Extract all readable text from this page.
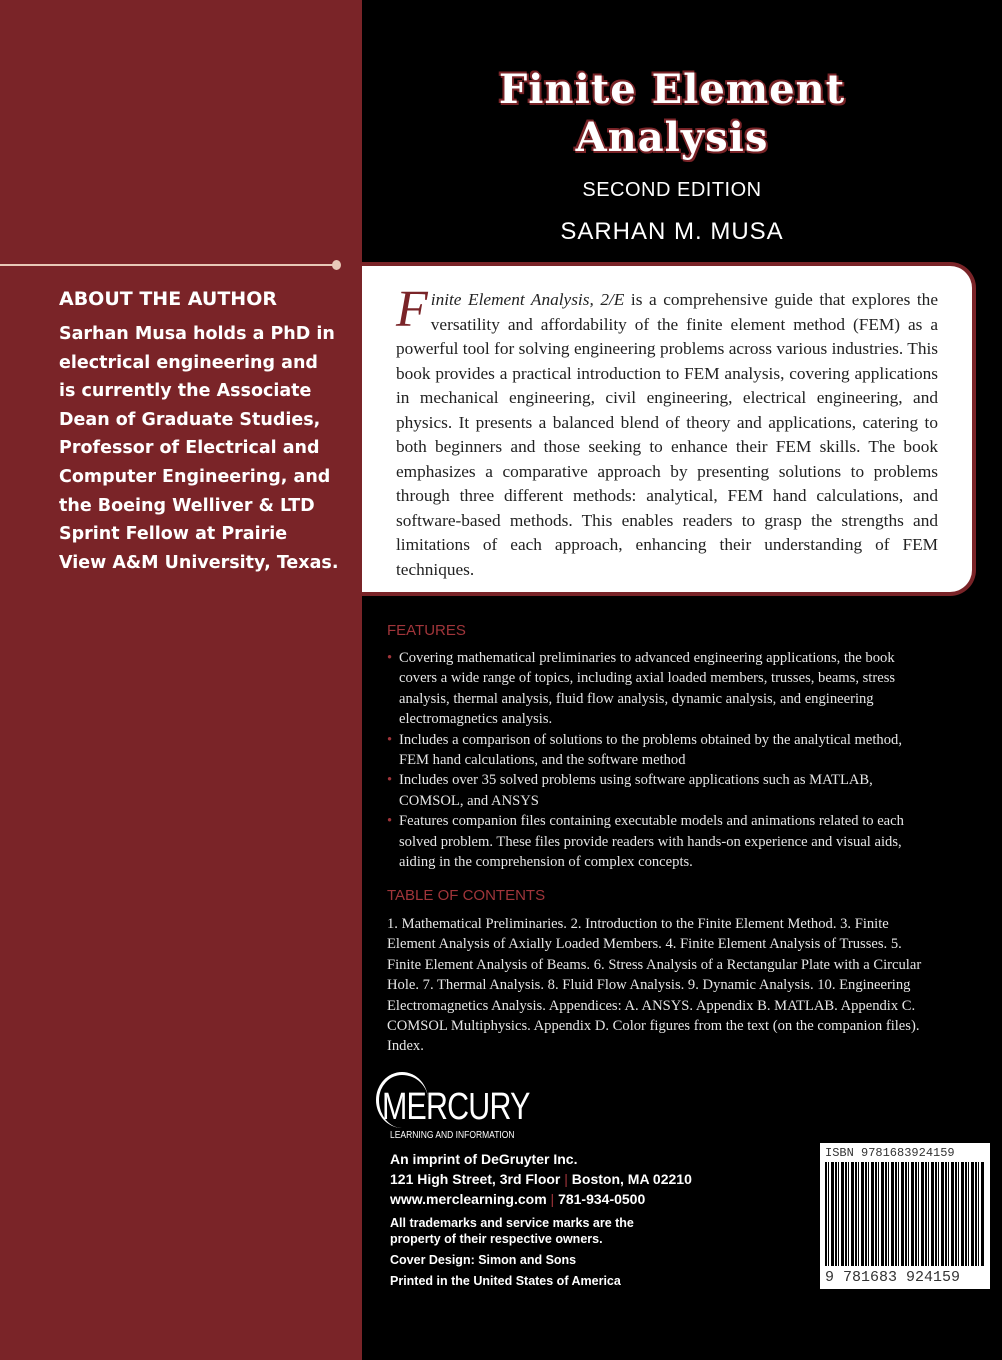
ABOUT THE AUTHOR
Sarhan Musa holds a PhD in electrical engineering and is currently the Associate Dean of Graduate Studies, Professor of Electrical and Computer Engineering, and the Boeing Welliver & LTD Sprint Fellow at Prairie View A&M University, Texas.
Finite Element
Analysis
SECOND EDITION
SARHAN M. MUSA

Finite Element Analysis, 2/E is a comprehensive guide that explores the versatility and affordability of the finite element method (FEM) as a powerful tool for solving engineering problems across various industries. This book provides a practical introduction to FEM analysis, covering applications in mechanical engineering, civil engineering, electrical engineering, and physics. It presents a balanced blend of theory and applications, catering to both beginners and those seeking to enhance their FEM skills. The book emphasizes a comparative approach by presenting solutions to problems through three different methods: analytical, FEM hand calculations, and software-based methods. This enables readers to grasp the strengths and limitations of each approach, enhancing their understanding of FEM techniques.

FEATURES
• Covering mathematical preliminaries to advanced engineering applications, the book covers a wide range of topics, including axial loaded members, trusses, beams, stress analysis, thermal analysis, fluid flow analysis, dynamic analysis, and engineering electromagnetics analysis.
• Includes a comparison of solutions to the problems obtained by the analytical method, FEM hand calculations, and the software method
• Includes over 35 solved problems using software applications such as MATLAB, COMSOL, and ANSYS
• Features companion files containing executable models and animations related to each solved problem. These files provide readers with hands-on experience and visual aids, aiding in the comprehension of complex concepts.
TABLE OF CONTENTS
1. Mathematical Preliminaries. 2. Introduction to the Finite Element Method. 3. Finite Element Analysis of Axially Loaded Members. 4. Finite Element Analysis of Trusses. 5. Finite Element Analysis of Beams. 6. Stress Analysis of a Rectangular Plate with a Circular Hole. 7. Thermal Analysis. 8. Fluid Flow Analysis. 9. Dynamic Analysis. 10. Engineering Electromagnetics Analysis. Appendices: A. ANSYS. Appendix B. MATLAB. Appendix C. COMSOL Multiphysics. Appendix D. Color figures from the text (on the companion files). Index.
MERCURY
LEARNING AND INFORMATION
An imprint of DeGruyter Inc.
121 High Street, 3rd Floor | Boston, MA 02210
www.merclearning.com | 781-934-0500
All trademarks and service marks are the property of their respective owners.
Cover Design: Simon and Sons
Printed in the United States of America
ISBN 9781683924159
9 781683 924159
